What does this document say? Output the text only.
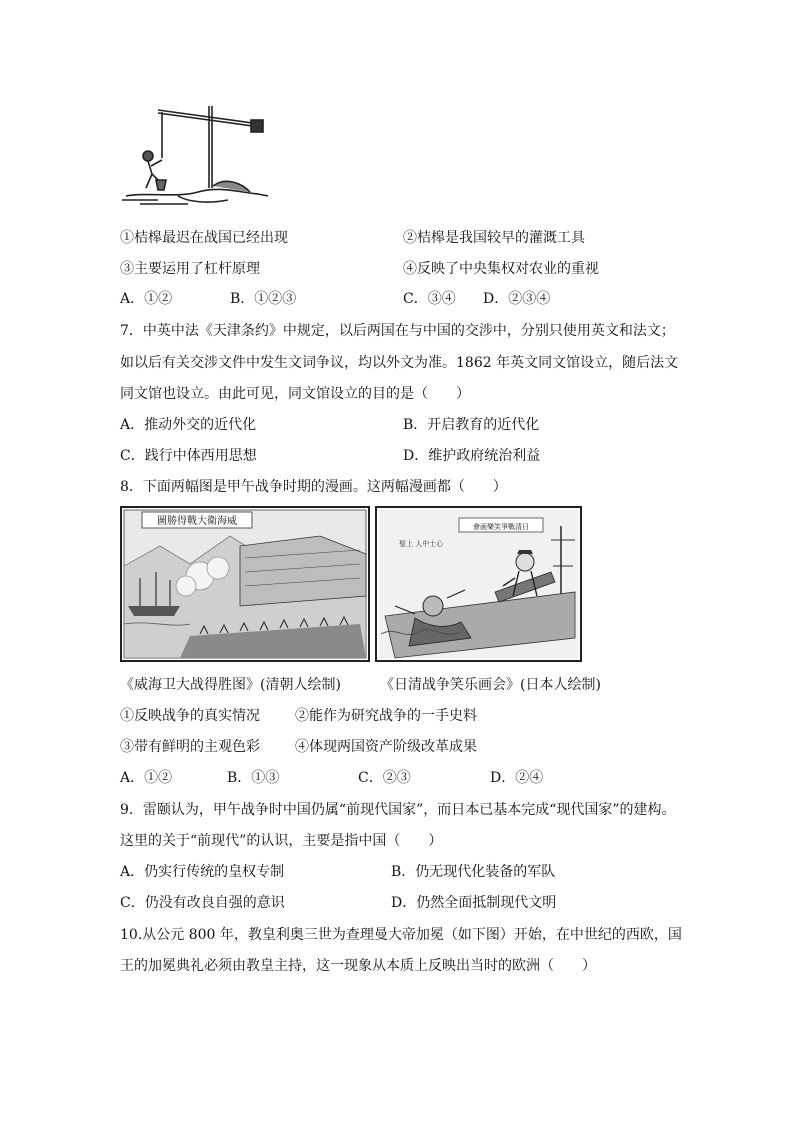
①桔槔最迟在战国已经出现	②桔槔是我国较早的灌溉工具
③主要运用了杠杆原理	④反映了中央集权对农业的重视
A．①②	B．①②③	C．③④ D．②③④
7．中英中法《天津条约》中规定，以后两国在与中国的交涉中，分别只使用英文和法文；
如以后有关交涉文件中发生文词争议，均以外文为准。1862 年英文同文馆设立，随后法文
同文馆也设立。由此可见，同文馆设立的目的是（　　）
A．推动外交的近代化	B．开启教育的近代化
C．践行中体西用思想	D．维护政府统治利益
8．下面两幅图是甲午战争时期的漫画。这两幅漫画都（　　）
圖勝得戰大衛海威	會画樂笑爭戰清日
聖上 人中士心
《威海卫大战得胜图》(清朝人绘制)	《日清战争笑乐画会》(日本人绘制)
①反映战争的真实情况	②能作为研究战争的一手史料
③带有鲜明的主观色彩	④体现两国资产阶级改革成果
A．①②	B．①③	C．②③	D．②④
9．雷颐认为，甲午战争时中国仍属“前现代国家”，而日本已基本完成“现代国家”的建构。
这里的关于“前现代”的认识，主要是指中国（　　）
A．仍实行传统的皇权专制	B．仍无现代化装备的军队
C．仍没有改良自强的意识	D．仍然全面抵制现代文明
10.从公元 800 年，教皇利奥三世为查理曼大帝加冕（如下图）开始，在中世纪的西欧，国
王的加冕典礼必须由教皇主持，这一现象从本质上反映出当时的欧洲（　　）
